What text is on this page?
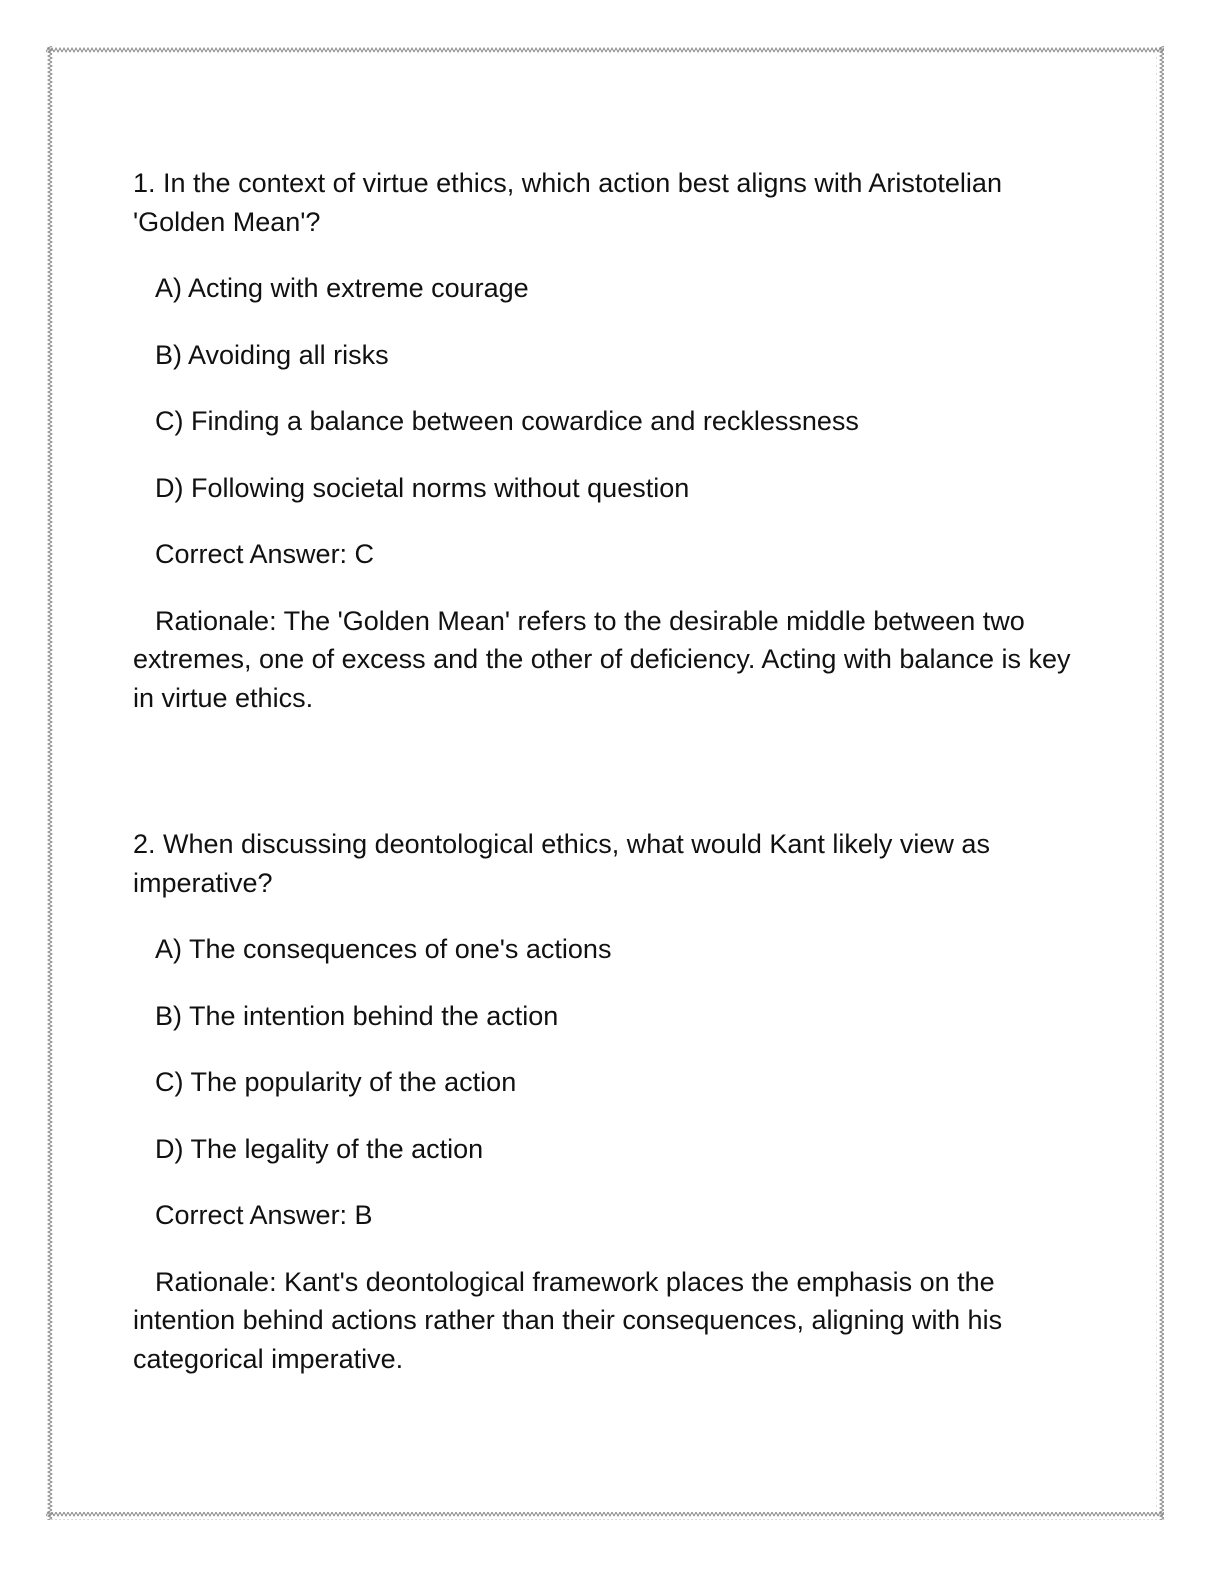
1. In the context of virtue ethics, which action best aligns with Aristotelian 'Golden Mean'?

A) Acting with extreme courage

B) Avoiding all risks

C) Finding a balance between cowardice and recklessness

D) Following societal norms without question

Correct Answer: C

Rationale: The 'Golden Mean' refers to the desirable middle between two extremes, one of excess and the other of deficiency. Acting with balance is key in virtue ethics.

2. When discussing deontological ethics, what would Kant likely view as imperative?

A) The consequences of one's actions

B) The intention behind the action

C) The popularity of the action

D) The legality of the action

Correct Answer: B

Rationale: Kant's deontological framework places the emphasis on the intention behind actions rather than their consequences, aligning with his categorical imperative.
